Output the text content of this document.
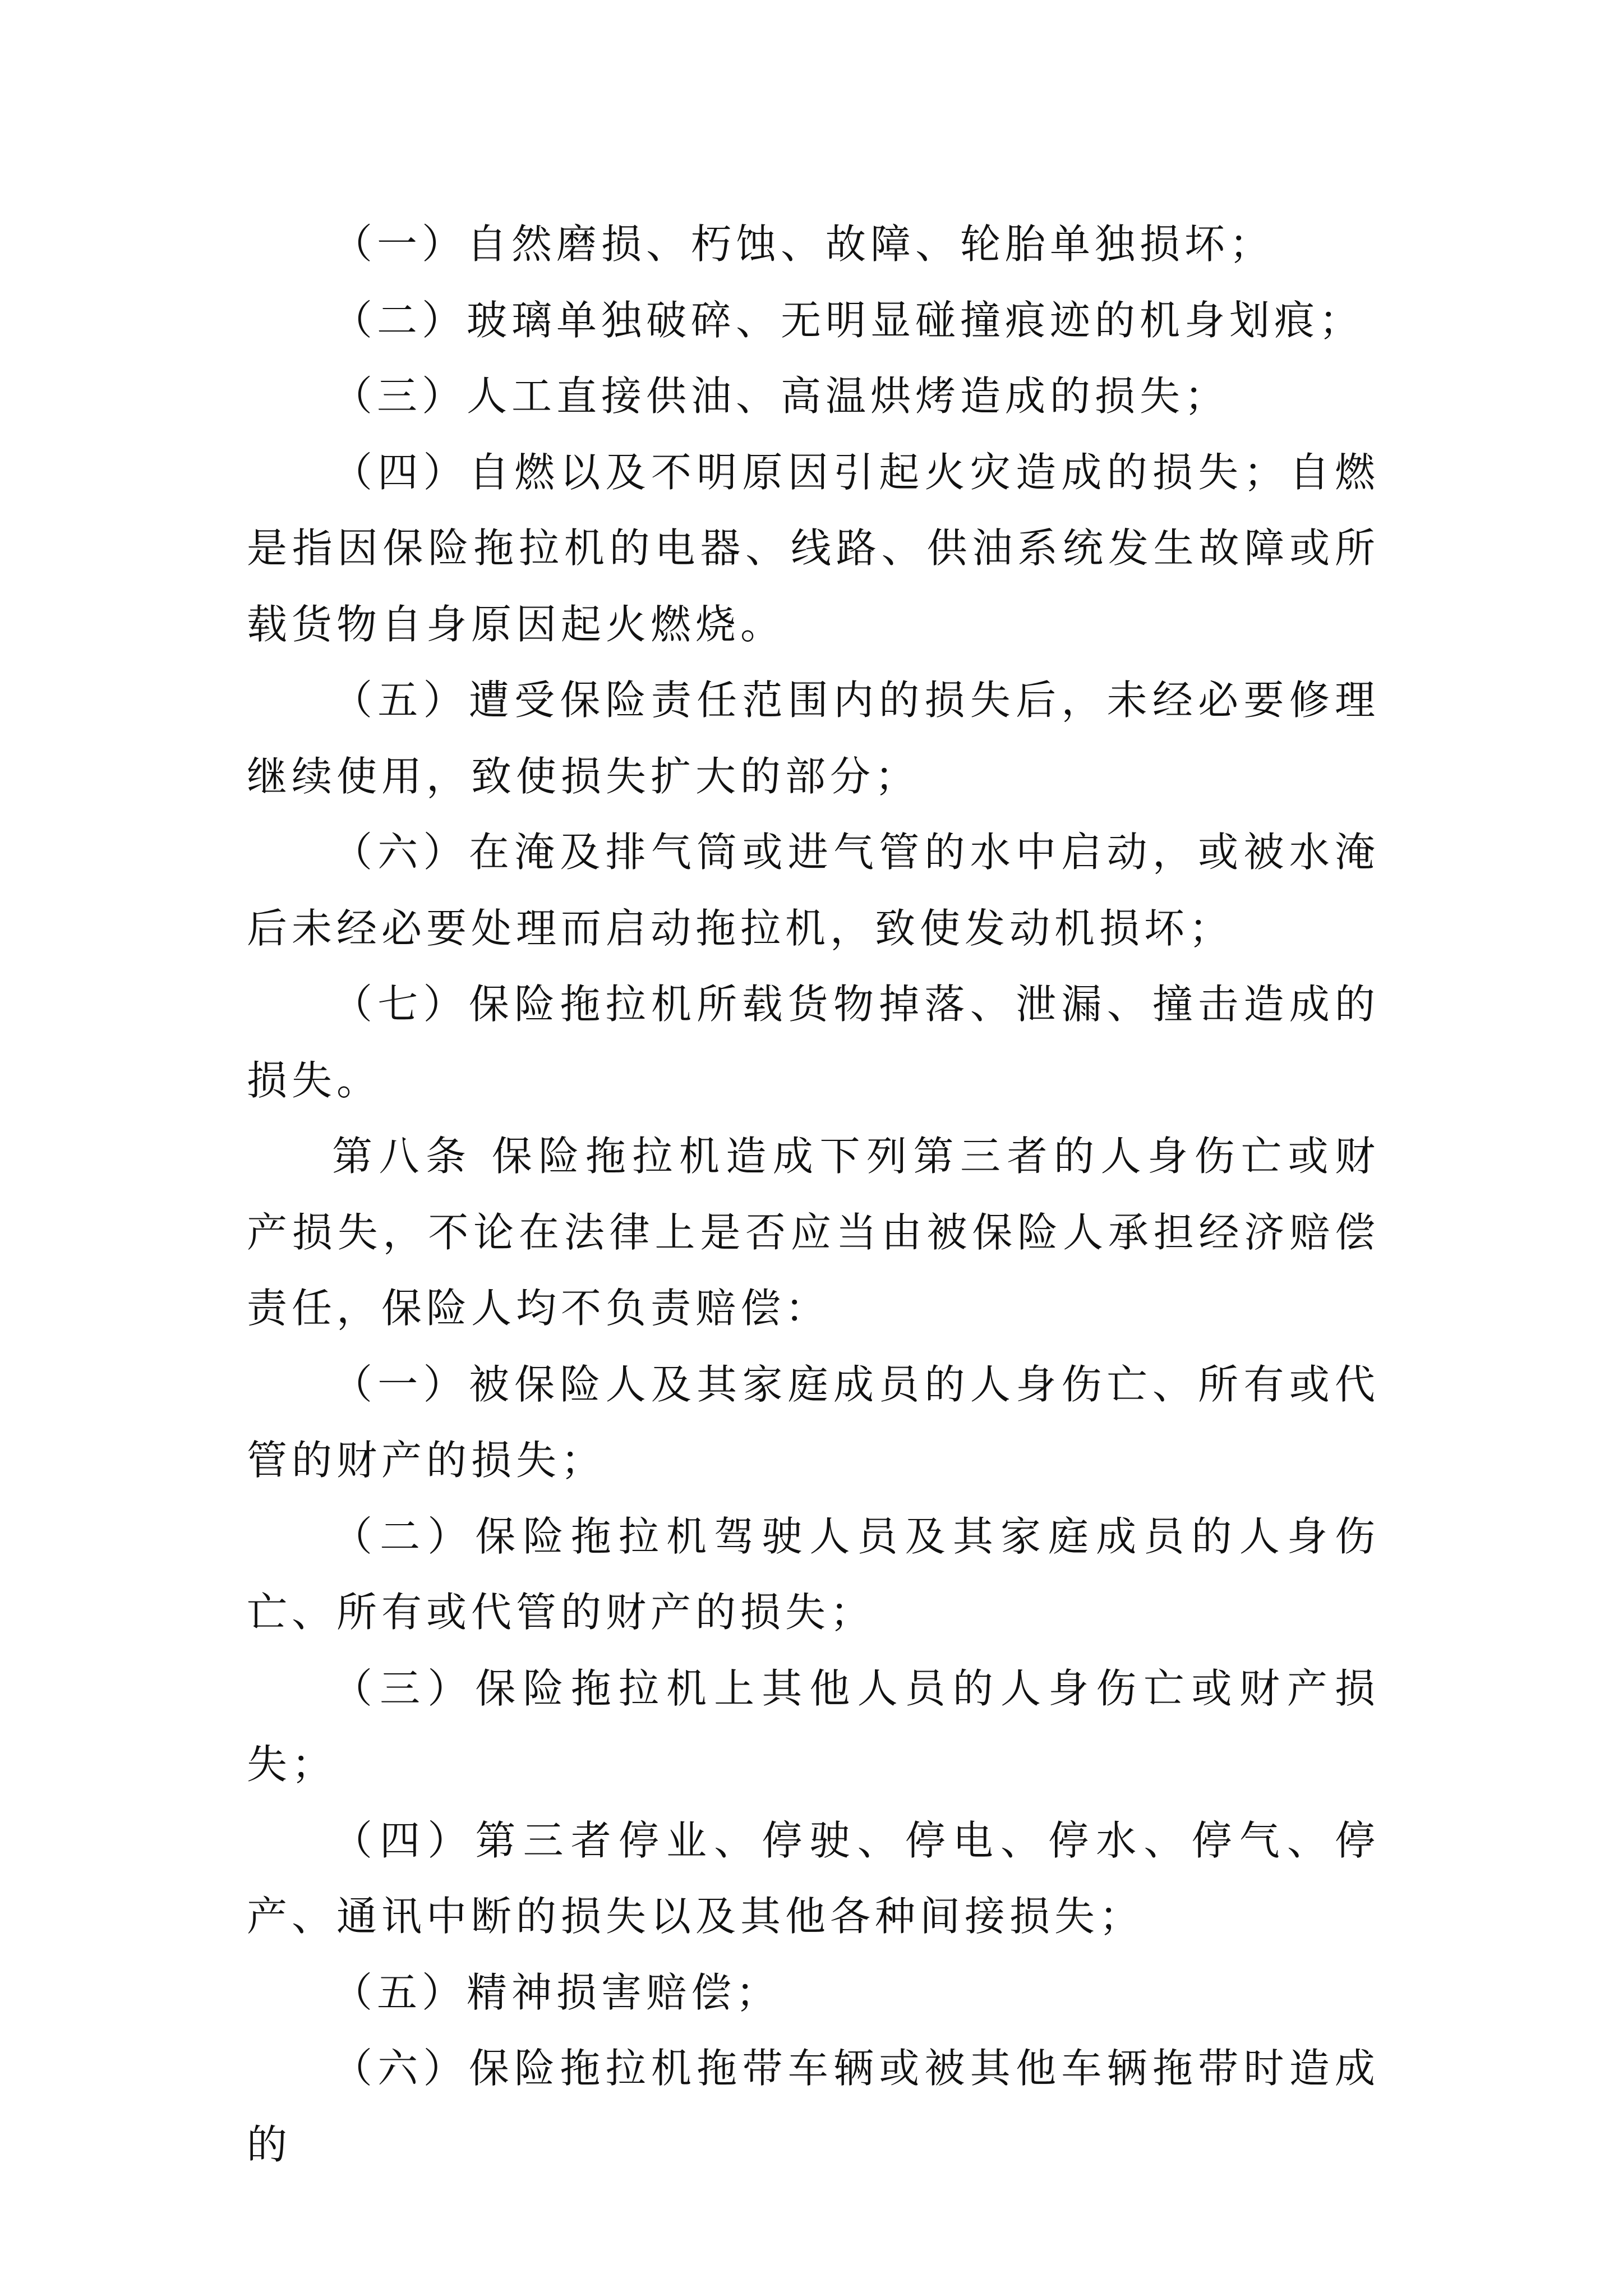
（一）自然磨损、朽蚀、故障、轮胎单独损坏；

（二）玻璃单独破碎、无明显碰撞痕迹的机身划痕；

（三）人工直接供油、高温烘烤造成的损失；

（四）自燃以及不明原因引起火灾造成的损失；自燃是指因保险拖拉机的电器、线路、供油系统发生故障或所载货物自身原因起火燃烧。

（五）遭受保险责任范围内的损失后，未经必要修理继续使用，致使损失扩大的部分；

（六）在淹及排气筒或进气管的水中启动，或被水淹后未经必要处理而启动拖拉机，致使发动机损坏；

（七）保险拖拉机所载货物掉落、泄漏、撞击造成的损失。

第八条 保险拖拉机造成下列第三者的人身伤亡或财产损失，不论在法律上是否应当由被保险人承担经济赔偿责任，保险人均不负责赔偿：

（一）被保险人及其家庭成员的人身伤亡、所有或代管的财产的损失；

（二）保险拖拉机驾驶人员及其家庭成员的人身伤亡、所有或代管的财产的损失；

（三）保险拖拉机上其他人员的人身伤亡或财产损失；

（四）第三者停业、停驶、停电、停水、停气、停产、通讯中断的损失以及其他各种间接损失；

（五）精神损害赔偿；

（六）保险拖拉机拖带车辆或被其他车辆拖带时造成的
